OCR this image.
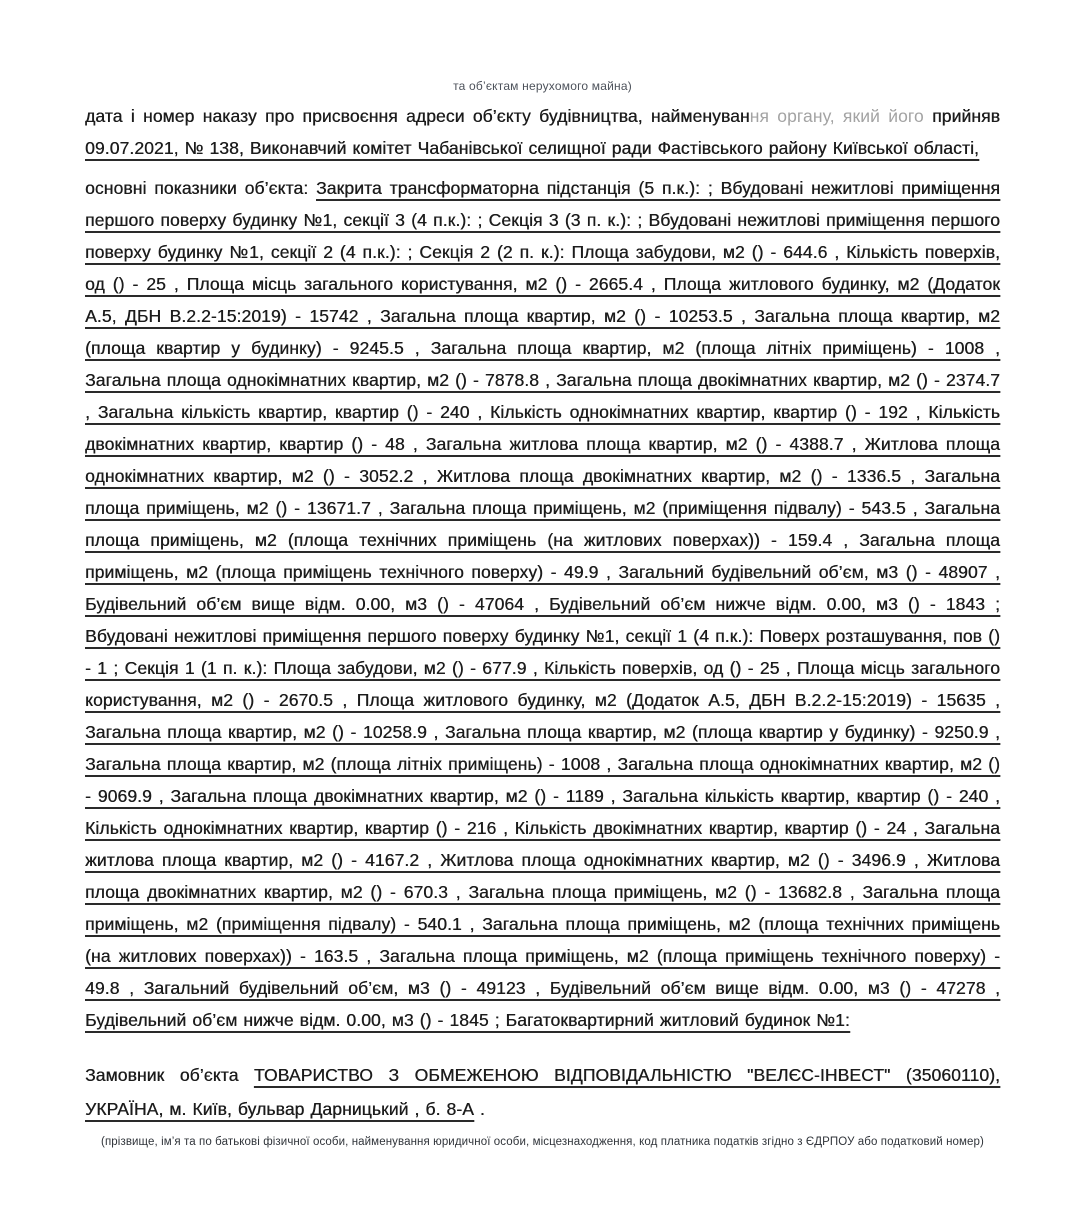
та об’єктам нерухомого майна)

дата і номер наказу про присвоєння адреси об’єкту будівництва, найменування органу, який його прийняв 09.07.2021, № 138, Виконавчий комітет Чабанівської селищної ради Фастівського району Київської області,

основні показники об’єкта: Закрита трансформаторна підстанція (5 п.к.): ; Вбудовані нежитлові приміщення першого поверху будинку №1, секції 3 (4 п.к.): ; Секція 3 (3 п. к.): ; Вбудовані нежитлові приміщення першого поверху будинку №1, секції 2 (4 п.к.): ; Секція 2 (2 п. к.): Площа забудови, м2 () - 644.6 , Кількість поверхів, од () - 25 , Площа місць загального користування, м2 () - 2665.4 , Площа житлового будинку, м2 (Додаток А.5, ДБН В.2.2-15:2019) - 15742 , Загальна площа квартир, м2 () - 10253.5 , Загальна площа квартир, м2 (площа квартир у будинку) - 9245.5 , Загальна площа квартир, м2 (площа літніх приміщень) - 1008 , Загальна площа однокімнатних квартир, м2 () - 7878.8 , Загальна площа двокімнатних квартир, м2 () - 2374.7 , Загальна кількість квартир, квартир () - 240 , Кількість однокімнатних квартир, квартир () - 192 , Кількість двокімнатних квартир, квартир () - 48 , Загальна житлова площа квартир, м2 () - 4388.7 , Житлова площа однокімнатних квартир, м2 () - 3052.2 , Житлова площа двокімнатних квартир, м2 () - 1336.5 , Загальна площа приміщень, м2 () - 13671.7 , Загальна площа приміщень, м2 (приміщення підвалу) - 543.5 , Загальна площа приміщень, м2 (площа технічних приміщень (на житлових поверхах)) - 159.4 , Загальна площа приміщень, м2 (площа приміщень технічного поверху) - 49.9 , Загальний будівельний об’єм, м3 () - 48907 , Будівельний об’єм вище відм. 0.00, м3 () - 47064 , Будівельний об’єм нижче відм. 0.00, м3 () - 1843 ; Вбудовані нежитлові приміщення першого поверху будинку №1, секції 1 (4 п.к.): Поверх розташування, пов () - 1 ; Секція 1 (1 п. к.): Площа забудови, м2 () - 677.9 , Кількість поверхів, од () - 25 , Площа місць загального користування, м2 () - 2670.5 , Площа житлового будинку, м2 (Додаток А.5, ДБН В.2.2-15:2019) - 15635 , Загальна площа квартир, м2 () - 10258.9 , Загальна площа квартир, м2 (площа квартир у будинку) - 9250.9 , Загальна площа квартир, м2 (площа літніх приміщень) - 1008 , Загальна площа однокімнатних квартир, м2 () - 9069.9 , Загальна площа двокімнатних квартир, м2 () - 1189 , Загальна кількість квартир, квартир () - 240 , Кількість однокімнатних квартир, квартир () - 216 , Кількість двокімнатних квартир, квартир () - 24 , Загальна житлова площа квартир, м2 () - 4167.2 , Житлова площа однокімнатних квартир, м2 () - 3496.9 , Житлова площа двокімнатних квартир, м2 () - 670.3 , Загальна площа приміщень, м2 () - 13682.8 , Загальна площа приміщень, м2 (приміщення підвалу) - 540.1 , Загальна площа приміщень, м2 (площа технічних приміщень (на житлових поверхах)) - 163.5 , Загальна площа приміщень, м2 (площа приміщень технічного поверху) - 49.8 , Загальний будівельний об’єм, м3 () - 49123 , Будівельний об’єм вище відм. 0.00, м3 () - 47278 , Будівельний об’єм нижче відм. 0.00, м3 () - 1845 ; Багатоквартирний житловий будинок №1:

Замовник об’єкта ТОВАРИСТВО З ОБМЕЖЕНОЮ ВІДПОВІДАЛЬНІСТЮ "ВЕЛЄС-ІНВЕСТ" (35060110), УКРАЇНА, м. Київ, бульвар Дарницький , б. 8-А .

(прізвище, ім’я та по батькові фізичної особи, найменування юридичної особи, місцезнаходження, код платника податків згідно з ЄДРПОУ або податковий номер)
